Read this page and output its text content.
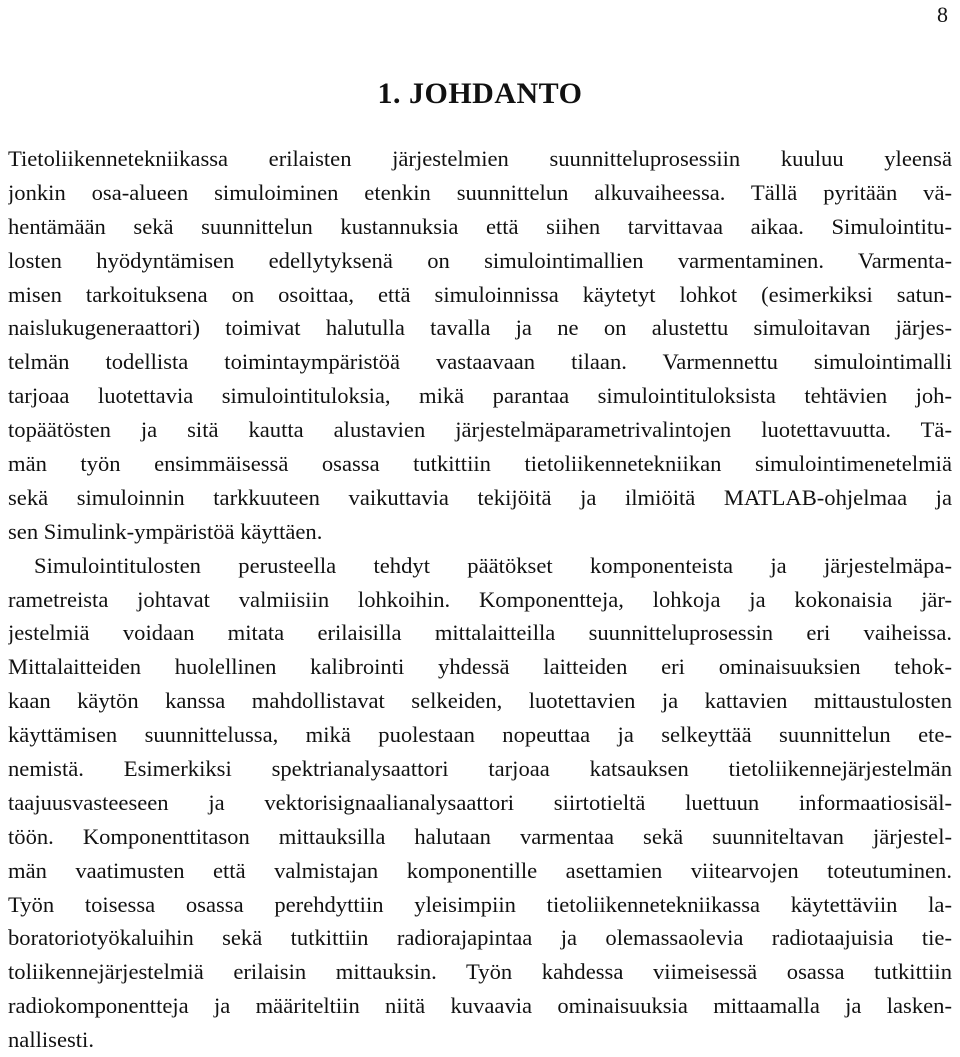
8
1. JOHDANTO
Tietoliikennetekniikassa erilaisten järjestelmien suunnitteluprosessiin kuuluu yleensä
jonkin osa-alueen simuloiminen etenkin suunnittelun alkuvaiheessa. Tällä pyritään vä-
hentämään sekä suunnittelun kustannuksia että siihen tarvittavaa aikaa. Simulointitu-
losten hyödyntämisen edellytyksenä on simulointimallien varmentaminen. Varmenta-
misen tarkoituksena on osoittaa, että simuloinnissa käytetyt lohkot (esimerkiksi satun-
naislukugeneraattori) toimivat halutulla tavalla ja ne on alustettu simuloitavan järjes-
telmän todellista toimintaympäristöä vastaavaan tilaan. Varmennettu simulointimalli
tarjoaa luotettavia simulointituloksia, mikä parantaa simulointituloksista tehtävien joh-
topäätösten ja sitä kautta alustavien järjestelmäparametrivalintojen luotettavuutta. Tä-
män työn ensimmäisessä osassa tutkittiin tietoliikennetekniikan simulointimenetelmiä
sekä simuloinnin tarkkuuteen vaikuttavia tekijöitä ja ilmiöitä MATLAB-ohjelmaa ja
sen Simulink-ympäristöä käyttäen.
Simulointitulosten perusteella tehdyt päätökset komponenteista ja järjestelmäpa-
rametreista johtavat valmiisiin lohkoihin. Komponentteja, lohkoja ja kokonaisia jär-
jestelmiä voidaan mitata erilaisilla mittalaitteilla suunnitteluprosessin eri vaiheissa.
Mittalaitteiden huolellinen kalibrointi yhdessä laitteiden eri ominaisuuksien tehok-
kaan käytön kanssa mahdollistavat selkeiden, luotettavien ja kattavien mittaustulosten
käyttämisen suunnittelussa, mikä puolestaan nopeuttaa ja selkeyttää suunnittelun ete-
nemistä. Esimerkiksi spektrianalysaattori tarjoaa katsauksen tietoliikennejärjestelmän
taajuusvasteeseen ja vektorisignaalianalysaattori siirtotieltä luettuun informaatiosisäl-
töön. Komponenttitason mittauksilla halutaan varmentaa sekä suunniteltavan järjestel-
män vaatimusten että valmistajan komponentille asettamien viitearvojen toteutuminen.
Työn toisessa osassa perehdyttiin yleisimpiin tietoliikennetekniikassa käytettäviin la-
boratoriotyökaluihin sekä tutkittiin radiorajapintaa ja olemassaolevia radiotaajuisia tie-
toliikennejärjestelmiä erilaisin mittauksin. Työn kahdessa viimeisessä osassa tutkittiin
radiokomponentteja ja määriteltiin niitä kuvaavia ominaisuuksia mittaamalla ja lasken-
nallisesti.
